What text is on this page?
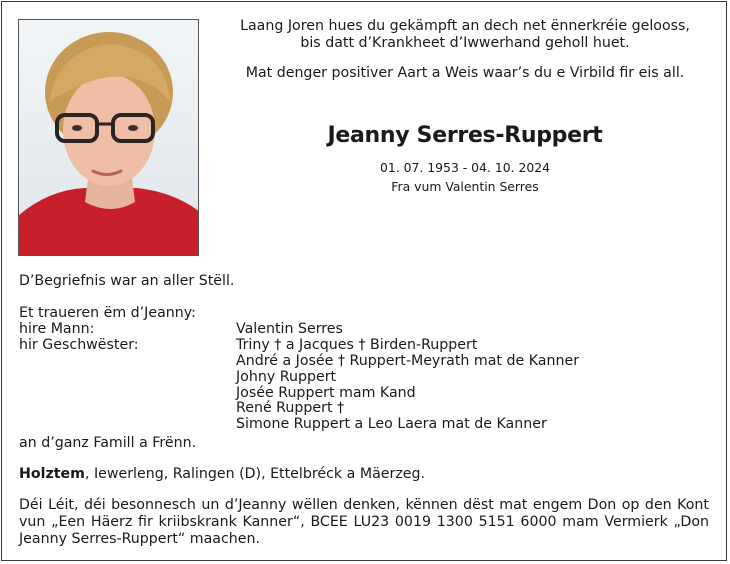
Laang Joren hues du gekämpft an dech net ënnerkréie gelooss,
bis datt d’Krankheet d’Iwwerhand geholl huet.
Mat denger positiver Aart a Weis waar’s du e Virbild fir eis all.
Jeanny Serres-Ruppert
01. 07. 1953 - 04. 10. 2024
Fra vum Valentin Serres
D’Begriefnis war an aller Stëll.
Et traueren ëm d’Jeanny:
hire Mann:	Valentin Serres
hir Geschwëster:	Triny † a Jacques † Birden-Ruppert
André a Josée † Ruppert-Meyrath mat de Kanner
Johny Ruppert
Josée Ruppert mam Kand
René Ruppert †
Simone Ruppert a Leo Laera mat de Kanner
an d’ganz Famill a Frënn.
Holztem, Iewerleng, Ralingen (D), Ettelbréck a Mäerzeg.
Déi Léit, déi besonnesch un d’Jeanny wëllen denken, kënnen dëst mat engem Don op den Kont vun „Een Häerz fir kriibskrank Kanner“, BCEE LU23 0019 1300 5151 6000 mam Vermierk „Don Jeanny Serres-Ruppert“ maachen.
